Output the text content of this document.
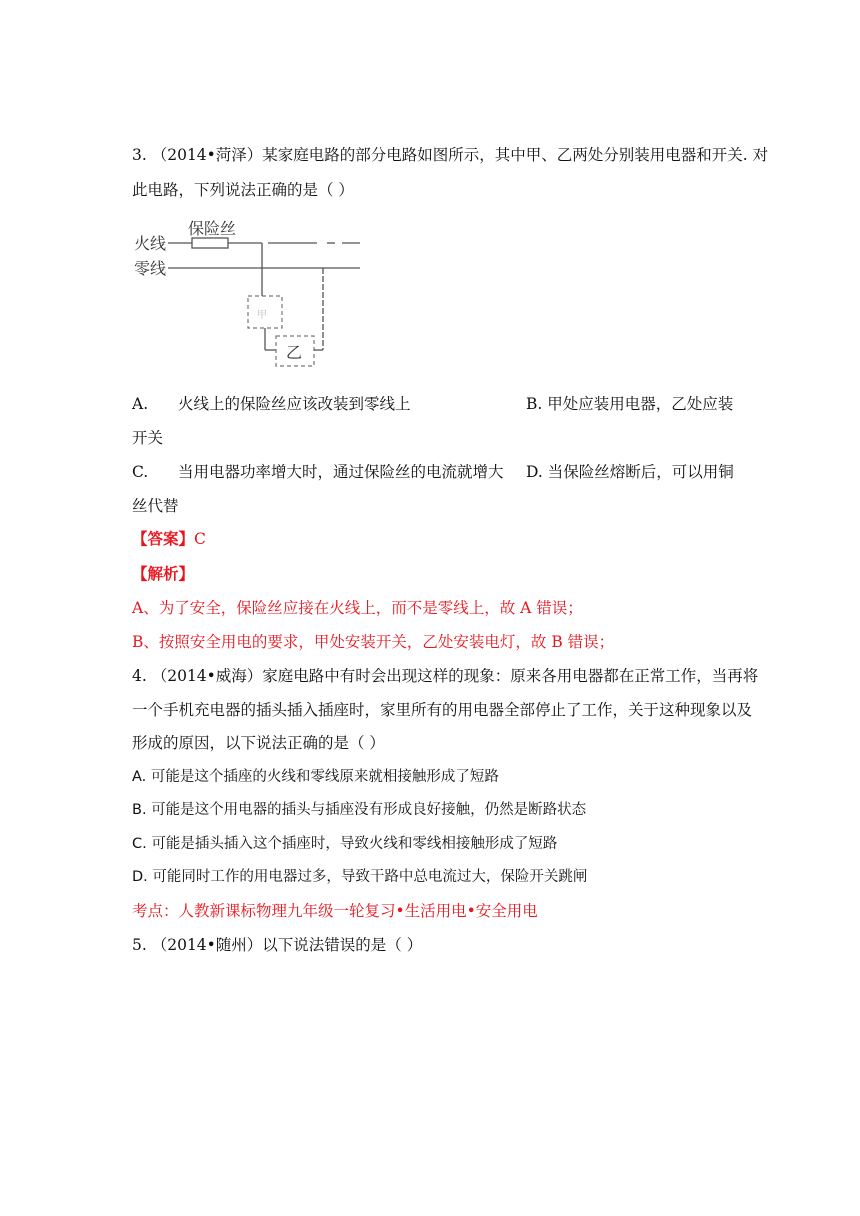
3. （2014•菏泽）某家庭电路的部分电路如图所示，其中甲、乙两处分别装用电器和开关. 对
此电路，下列说法正确的是（ ）
火线
零线
保险丝
甲
乙
A. 火线上的保险丝应该改装到零线上	B. 甲处应装用电器，乙处应装
开关
C. 当用电器功率增大时，通过保险丝的电流就增大 D. 当保险丝熔断后，可以用铜
丝代替
【答案】C
【解析】
A、为了安全，保险丝应接在火线上，而不是零线上，故 A 错误；
B、按照安全用电的要求，甲处安装开关，乙处安装电灯，故 B 错误；
4. （2014•威海）家庭电路中有时会出现这样的现象：原来各用电器都在正常工作，当再将
一个手机充电器的插头插入插座时，家里所有的用电器全部停止了工作，关于这种现象以及
形成的原因，以下说法正确的是（ ）
A. 可能是这个插座的火线和零线原来就相接触形成了短路
B. 可能是这个用电器的插头与插座没有形成良好接触，仍然是断路状态
C. 可能是插头插入这个插座时，导致火线和零线相接触形成了短路
D. 可能同时工作的用电器过多，导致干路中总电流过大，保险开关跳闸
考点：人教新课标物理九年级一轮复习•生活用电•安全用电
5. （2014•随州）以下说法错误的是（ ）
